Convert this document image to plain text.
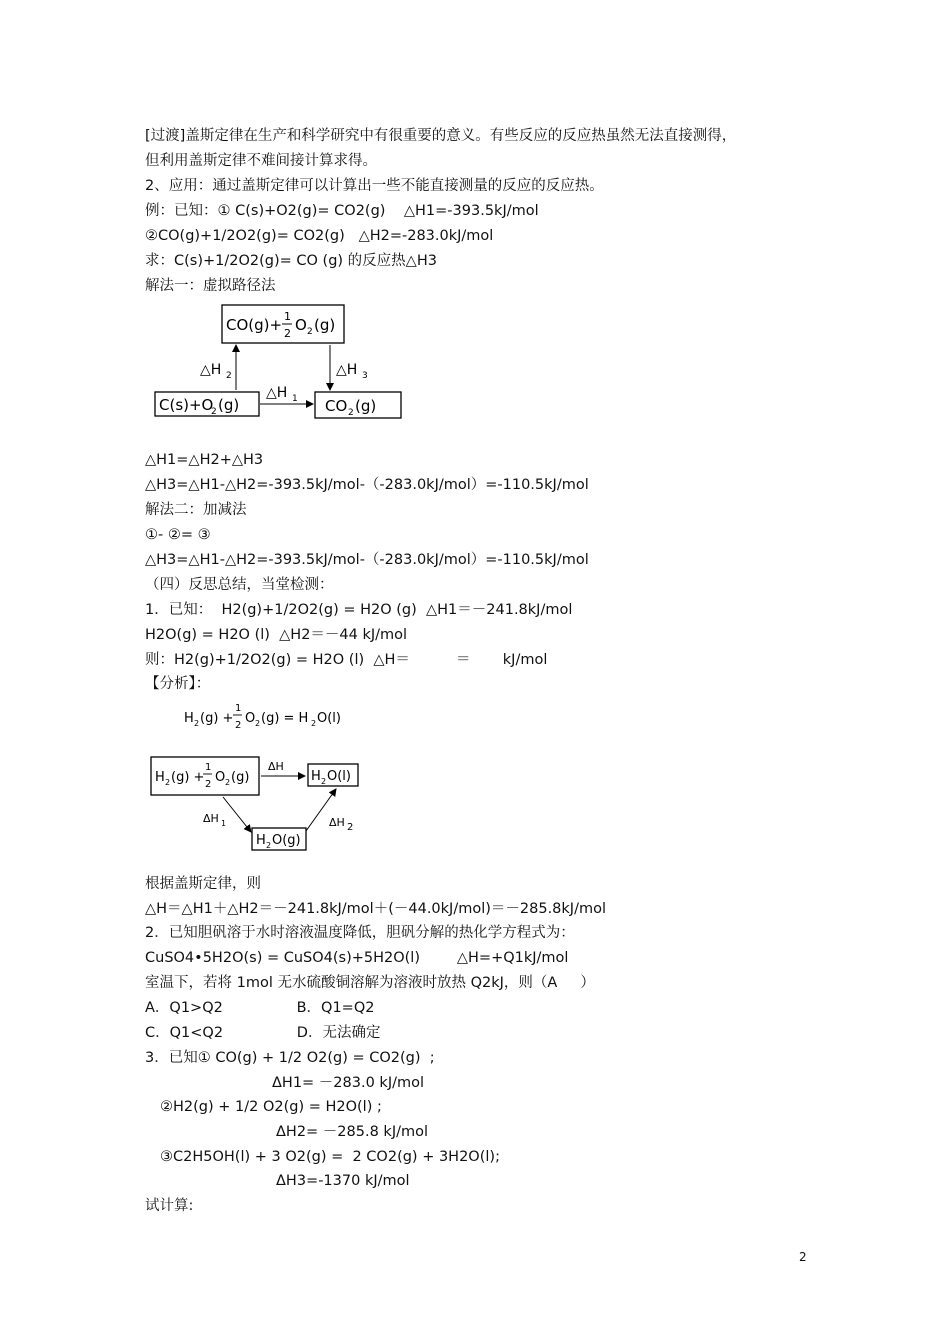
[过渡]盖斯定律在生产和科学研究中有很重要的意义。有些反应的反应热虽然无法直接测得，
但利用盖斯定律不难间接计算求得。
2、应用：通过盖斯定律可以计算出一些不能直接测量的反应的反应热。
例：已知：① C(s)+O2(g)= CO2(g)    △H1=-393.5kJ/mol
②CO(g)+1/2O2(g)= CO2(g)   △H2=-283.0kJ/mol
求：C(s)+1/2O2(g)= CO (g) 的反应热△H3
解法一：虚拟路径法
CO(g)+ 1
2 O 2 (g)
C(s)+O
2 (g)	CO 2 (g)
△H 2	△H 3
△H 1
△H1=△H2+△H3
△H3=△H1-△H2=-393.5kJ/mol-（-283.0kJ/mol）=-110.5kJ/mol
解法二：加减法
①- ②= ③
△H3=△H1-△H2=-393.5kJ/mol-（-283.0kJ/mol）=-110.5kJ/mol
（四）反思总结，当堂检测：
1．已知：  H2(g)+1/2O2(g) = H2O (g)  △H1＝－241.8kJ/mol
H2O(g) = H2O (l)  △H2＝－44 kJ/mol
则：H2(g)+1/2O2(g) = H2O (l)  △H＝          ＝       kJ/mol
【分析】：
H 2 (g) +
1
2 O 2 (g) = H 2 O(l)
H 2 (g) +
1
2 O 2 (g)	H 2 O(l)
H 2 O(g)
ΔH
ΔH 1	ΔH 2
根据盖斯定律，则
△H＝△H1＋△H2＝－241.8kJ/mol＋(－44.0kJ/mol)＝－285.8kJ/mol
2．已知胆矾溶于水时溶液温度降低，胆矾分解的热化学方程式为：
CuSO4•5H2O(s) = CuSO4(s)+5H2O(l)        △H=+Q1kJ/mol
室温下，若将 1mol 无水硫酸铜溶解为溶液时放热 Q2kJ，则（A     ）
A．Q1>Q2                B．Q1=Q2
C．Q1<Q2                D．无法确定
3．已知① CO(g) + 1/2 O2(g) = CO2(g)  ;
ΔH1= －283.0 kJ/mol
②H2(g) + 1/2 O2(g) = H2O(l) ;
ΔH2= －285.8 kJ/mol
③C2H5OH(l) + 3 O2(g) =  2 CO2(g) + 3H2O(l);
ΔH3=-1370 kJ/mol
试计算:
2
